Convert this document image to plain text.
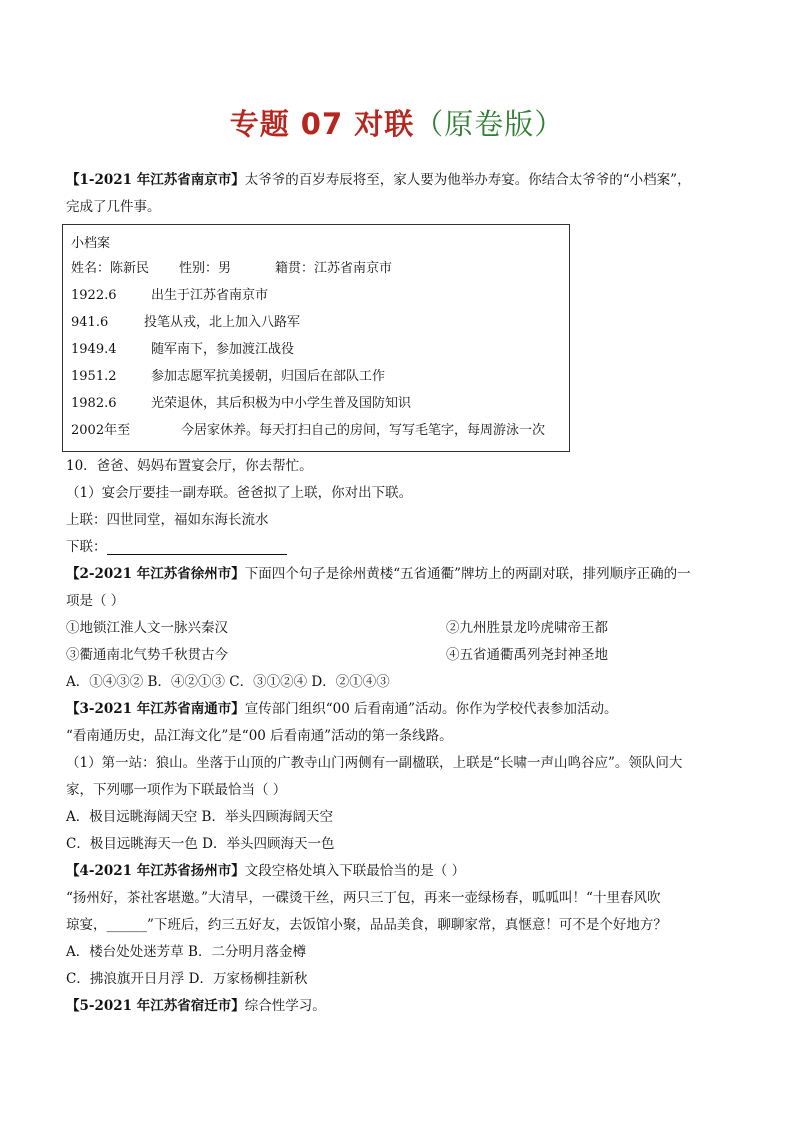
专题 07 对联（原卷版）
【1-2021 年江苏省南京市】太爷爷的百岁寿辰将至，家人要为他举办寿宴。你结合太爷爷的“小档案”，
完成了几件事。
小档案
姓名：陈新民 性别：男	籍贯：江苏省南京市
1922.6	出生于江苏省南京市
941.6	投笔从戎，北上加入八路军
1949.4	随军南下，参加渡江战役
1951.2	参加志愿军抗美援朝，归国后在部队工作
1982.6	光荣退休，其后积极为中小学生普及国防知识
2002年至	今居家休养。每天打扫自己的房间，写写毛笔字，每周游泳一次
10．爸爸、妈妈布置宴会厅，你去帮忙。
（1）宴会厅要挂一副寿联。爸爸拟了上联，你对出下联。
上联：四世同堂，福如东海长流水
下联：
【2-2021 年江苏省徐州市】下面四个句子是徐州黄楼“五省通衢”牌坊上的两副对联，排列顺序正确的一
项是（ ）
①地锁江淮人文一脉兴秦汉	②九州胜景龙吟虎啸帝王都
③衢通南北气势千秋贯古今	④五省通衢禹列尧封神圣地
A．①④③② B．④②①③ C．③①②④ D．②①④③
【3-2021 年江苏省南通市】宣传部门组织“00 后看南通”活动。你作为学校代表参加活动。
“看南通历史，品江海文化”是“00 后看南通”活动的第一条线路。
（1）第一站：狼山。坐落于山顶的广教寺山门两侧有一副楹联，上联是“长啸一声山鸣谷应”。领队问大
家，下列哪一项作为下联最恰当（ ）
A．极目远眺海阔天空 B．举头四顾海阔天空
C．极目远眺海天一色 D．举头四顾海天一色
【4-2021 年江苏省扬州市】文段空格处填入下联最恰当的是（ ）
“扬州好，茶社客堪邀。”大清早，一碟烫干丝，两只三丁包，再来一壶绿杨春，呱呱叫！“十里春风吹
琼宴，______”下班后，约三五好友，去饭馆小聚，品品美食，聊聊家常，真惬意！可不是个好地方？
A．楼台处处迷芳草 B．二分明月落金樽
C．拂浪旗开日月浮 D．万家杨柳挂新秋
【5-2021 年江苏省宿迁市】综合性学习。
